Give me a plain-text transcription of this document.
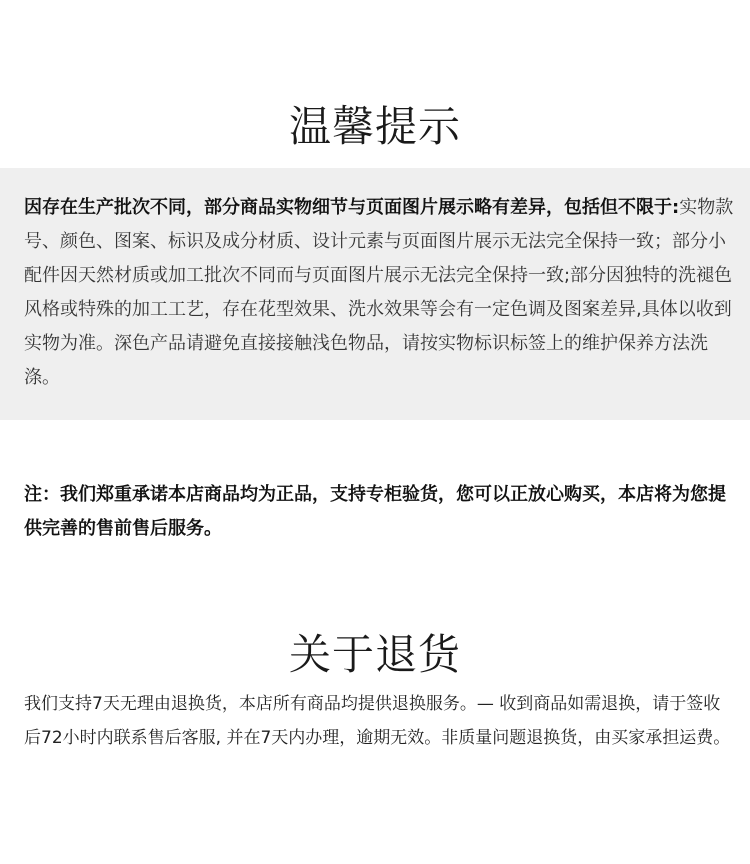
温馨提示
因存在生产批次不同，部分商品实物细节与页面图片展示略有差异，包括但不限于:实物款号、颜色、图案、标识及成分材质、设计元素与页面图片展示无法完全保持一致；部分小配件因天然材质或加工批次不同而与页面图片展示无法完全保持一致;部分因独特的洗褪色风格或特殊的加工工艺，存在花型效果、洗水效果等会有一定色调及图案差异,具体以收到实物为准。深色产品请避免直接接触浅色物品，请按实物标识标签上的维护保养方法洗涤。
注：我们郑重承诺本店商品均为正品，支持专柜验货，您可以正放心购买，本店将为您提供完善的售前售后服务。
关于退货
我们支持7天无理由退换货，本店所有商品均提供退换服务。— 收到商品如需退换，请于签收后72小时内联系售后客服, 并在7天内办理，逾期无效。非质量问题退换货，由买家承担运费。
